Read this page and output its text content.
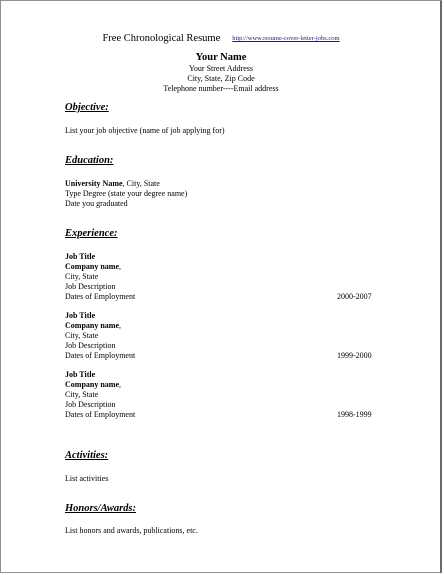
Free Chronological Resume http://www.resume-cover-letter-jobs.com
Your Name
Your Street Address
City, State, Zip Code
Telephone number----Email address
Objective:
List your job objective (name of job applying for)
Education:
University Name, City, State
Type Degree (state your degree name)
Date you graduated
Experience:
Job Title
Company name,
City, State
Job Description
Dates of Employment	2000-2007
Job Title
Company name,
City, State
Job Description
Dates of Employment	1999-2000
Job Title
Company name,
City, State
Job Description
Dates of Employment	1998-1999
Activities:
List activities
Honors/Awards:
List honors and awards, publications, etc.
